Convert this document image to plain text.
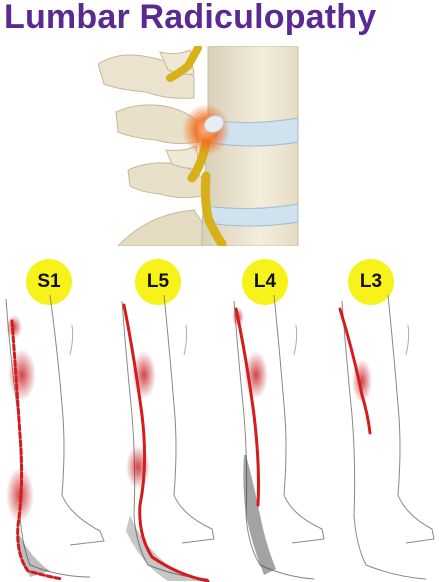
Lumbar Radiculopathy
S1	L5	L4	L3
